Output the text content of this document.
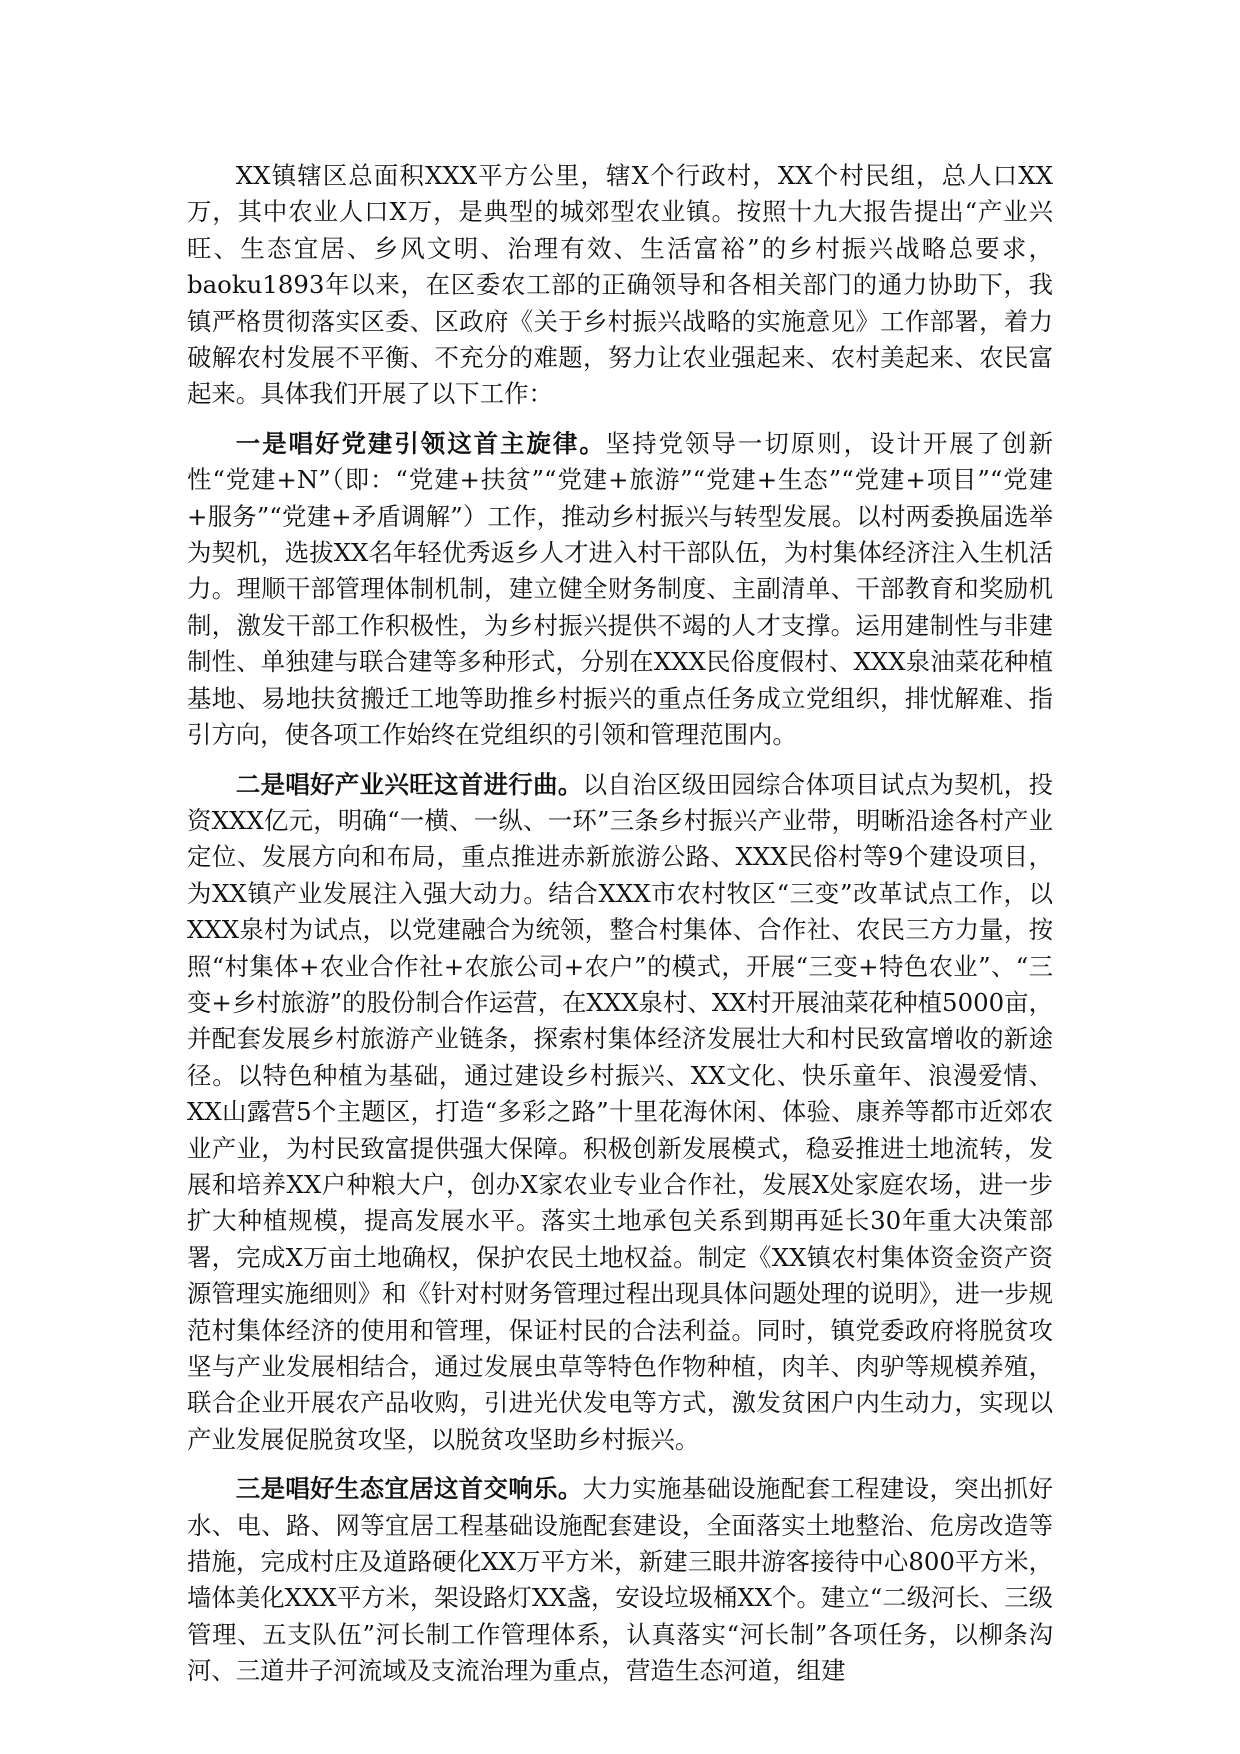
XX镇辖区总面积XXX平方公里，辖X个行政村，XX个村民组，总人口XX万，其中农业人口X万，是典型的城郊型农业镇。按照十九大报告提出“产业兴旺、生态宜居、乡风文明、治理有效、生活富裕”的乡村振兴战略总要求，baoku1893年以来，在区委农工部的正确领导和各相关部门的通力协助下，我镇严格贯彻落实区委、区政府《关于乡村振兴战略的实施意见》工作部署，着力破解农村发展不平衡、不充分的难题，努力让农业强起来、农村美起来、农民富起来。具体我们开展了以下工作：

一是唱好党建引领这首主旋律。坚持党领导一切原则，设计开展了创新性“党建+N”（即：“党建+扶贫”“党建+旅游”“党建+生态”“党建+项目”“党建+服务”“党建+矛盾调解”）工作，推动乡村振兴与转型发展。以村两委换届选举为契机，选拔XX名年轻优秀返乡人才进入村干部队伍，为村集体经济注入生机活力。理顺干部管理体制机制，建立健全财务制度、主副清单、干部教育和奖励机制，激发干部工作积极性，为乡村振兴提供不竭的人才支撑。运用建制性与非建制性、单独建与联合建等多种形式，分别在XXX民俗度假村、XXX泉油菜花种植基地、易地扶贫搬迁工地等助推乡村振兴的重点任务成立党组织，排忧解难、指引方向，使各项工作始终在党组织的引领和管理范围内。

二是唱好产业兴旺这首进行曲。以自治区级田园综合体项目试点为契机，投资XXX亿元，明确“一横、一纵、一环”三条乡村振兴产业带，明晰沿途各村产业定位、发展方向和布局，重点推进赤新旅游公路、XXX民俗村等9个建设项目，为XX镇产业发展注入强大动力。结合XXX市农村牧区“三变”改革试点工作，以XXX泉村为试点，以党建融合为统领，整合村集体、合作社、农民三方力量，按照“村集体+农业合作社+农旅公司+农户”的模式，开展“三变+特色农业”、“三变+乡村旅游”的股份制合作运营，在XXX泉村、XX村开展油菜花种植5000亩，并配套发展乡村旅游产业链条，探索村集体经济发展壮大和村民致富增收的新途径。以特色种植为基础，通过建设乡村振兴、XX文化、快乐童年、浪漫爱情、XX山露营5个主题区，打造“多彩之路”十里花海休闲、体验、康养等都市近郊农业产业，为村民致富提供强大保障。积极创新发展模式，稳妥推进土地流转，发展和培养XX户种粮大户，创办X家农业专业合作社，发展X处家庭农场，进一步扩大种植规模，提高发展水平。落实土地承包关系到期再延长30年重大决策部署，完成X万亩土地确权，保护农民土地权益。制定《XX镇农村集体资金资产资源管理实施细则》和《针对村财务管理过程出现具体问题处理的说明》，进一步规范村集体经济的使用和管理，保证村民的合法利益。同时，镇党委政府将脱贫攻坚与产业发展相结合，通过发展虫草等特色作物种植，肉羊、肉驴等规模养殖，联合企业开展农产品收购，引进光伏发电等方式，激发贫困户内生动力，实现以产业发展促脱贫攻坚，以脱贫攻坚助乡村振兴。

三是唱好生态宜居这首交响乐。大力实施基础设施配套工程建设，突出抓好水、电、路、网等宜居工程基础设施配套建设，全面落实土地整治、危房改造等措施，完成村庄及道路硬化XX万平方米，新建三眼井游客接待中心800平方米，墙体美化XXX平方米，架设路灯XX盏，安设垃圾桶XX个。建立“二级河长、三级管理、五支队伍”河长制工作管理体系，认真落实“河长制”各项任务，以柳条沟河、三道井子河流域及支流治理为重点，营造生态河道，组建
